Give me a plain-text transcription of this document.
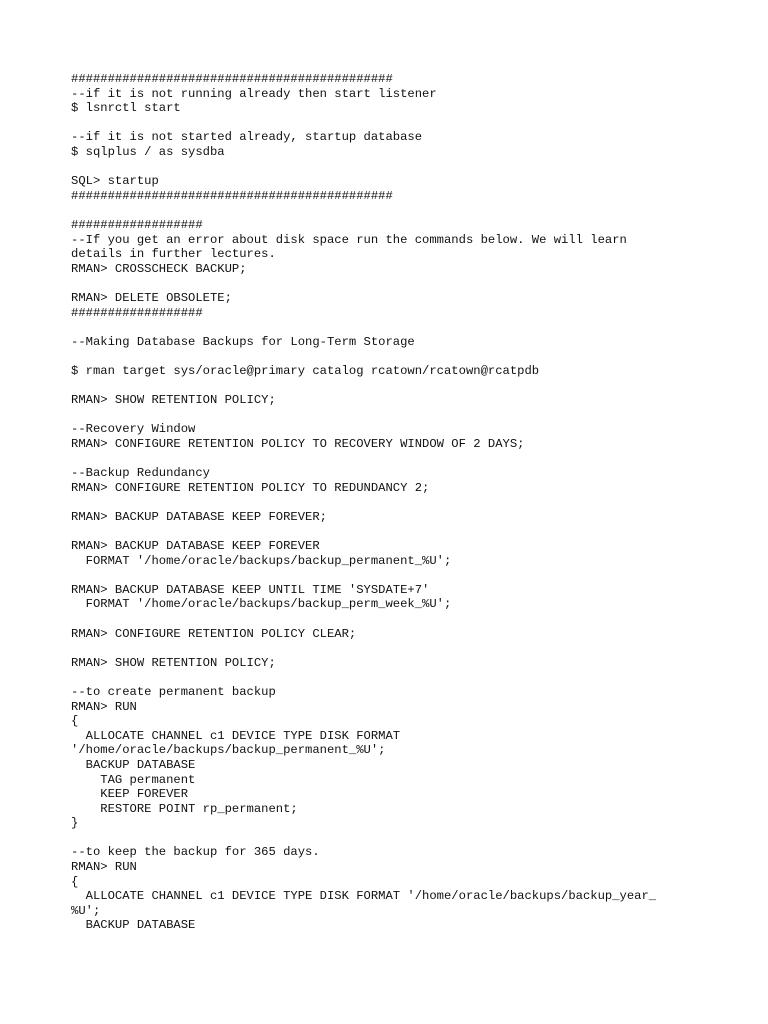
############################################
--if it is not running already then start listener
$ lsnrctl start
--if it is not started already, startup database
$ sqlplus / as sysdba
SQL> startup
############################################
##################
--If you get an error about disk space run the commands below. We will learn
details in further lectures.
RMAN> CROSSCHECK BACKUP;
RMAN> DELETE OBSOLETE;
##################
--Making Database Backups for Long-Term Storage
$ rman target sys/oracle@primary catalog rcatown/rcatown@rcatpdb
RMAN> SHOW RETENTION POLICY;
--Recovery Window
RMAN> CONFIGURE RETENTION POLICY TO RECOVERY WINDOW OF 2 DAYS;
--Backup Redundancy
RMAN> CONFIGURE RETENTION POLICY TO REDUNDANCY 2;
RMAN> BACKUP DATABASE KEEP FOREVER;
RMAN> BACKUP DATABASE KEEP FOREVER
FORMAT '/home/oracle/backups/backup_permanent_%U';
RMAN> BACKUP DATABASE KEEP UNTIL TIME 'SYSDATE+7'
FORMAT '/home/oracle/backups/backup_perm_week_%U';
RMAN> CONFIGURE RETENTION POLICY CLEAR;
RMAN> SHOW RETENTION POLICY;
--to create permanent backup
RMAN> RUN
{
ALLOCATE CHANNEL c1 DEVICE TYPE DISK FORMAT
'/home/oracle/backups/backup_permanent_%U';
BACKUP DATABASE
TAG permanent
KEEP FOREVER
RESTORE POINT rp_permanent;
}
--to keep the backup for 365 days.
RMAN> RUN
{
ALLOCATE CHANNEL c1 DEVICE TYPE DISK FORMAT '/home/oracle/backups/backup_year_
%U';
BACKUP DATABASE
